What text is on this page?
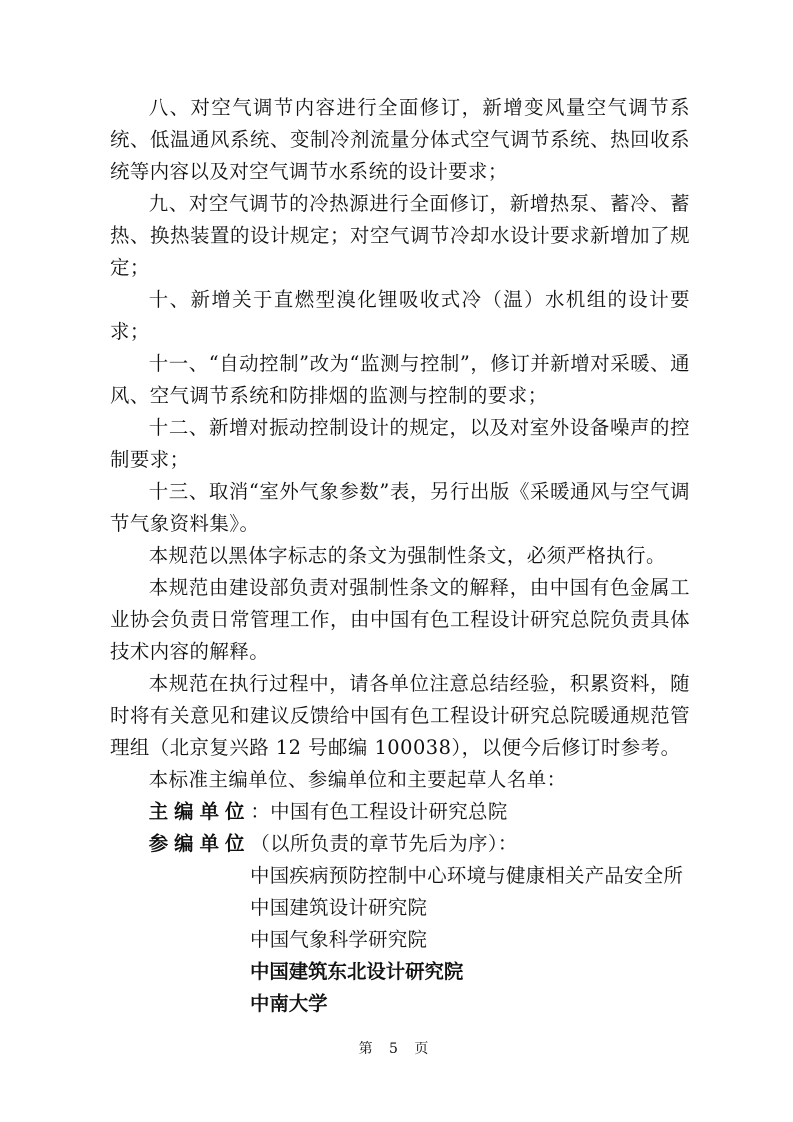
八、对空气调节内容进行全面修订，新增变风量空气调节系统、低温通风系统、变制冷剂流量分体式空气调节系统、热回收系统等内容以及对空气调节水系统的设计要求；

九、对空气调节的冷热源进行全面修订，新增热泵、蓄冷、蓄热、换热装置的设计规定；对空气调节冷却水设计要求新增加了规定；

十、新增关于直燃型溴化锂吸收式冷（温）水机组的设计要求；

十一、“自动控制”改为“监测与控制”，修订并新增对采暖、通风、空气调节系统和防排烟的监测与控制的要求；

十二、新增对振动控制设计的规定，以及对室外设备噪声的控制要求；

十三、取消“室外气象参数”表，另行出版《采暖通风与空气调节气象资料集》。

本规范以黑体字标志的条文为强制性条文，必须严格执行。

本规范由建设部负责对强制性条文的解释，由中国有色金属工业协会负责日常管理工作，由中国有色工程设计研究总院负责具体技术内容的解释。

本规范在执行过程中，请各单位注意总结经验，积累资料，随时将有关意见和建议反馈给中国有色工程设计研究总院暖通规范管理组（北京复兴路 12 号邮编 100038），以便今后修订时参考。

本标准主编单位、参编单位和主要起草人名单：

主编单位：中国有色工程设计研究总院

参编单位（以所负责的章节先后为序）：

中国疾病预防控制中心环境与健康相关产品安全所
中国建筑设计研究院
中国气象科学研究院
中国建筑东北设计研究院
中南大学
第 5 页
